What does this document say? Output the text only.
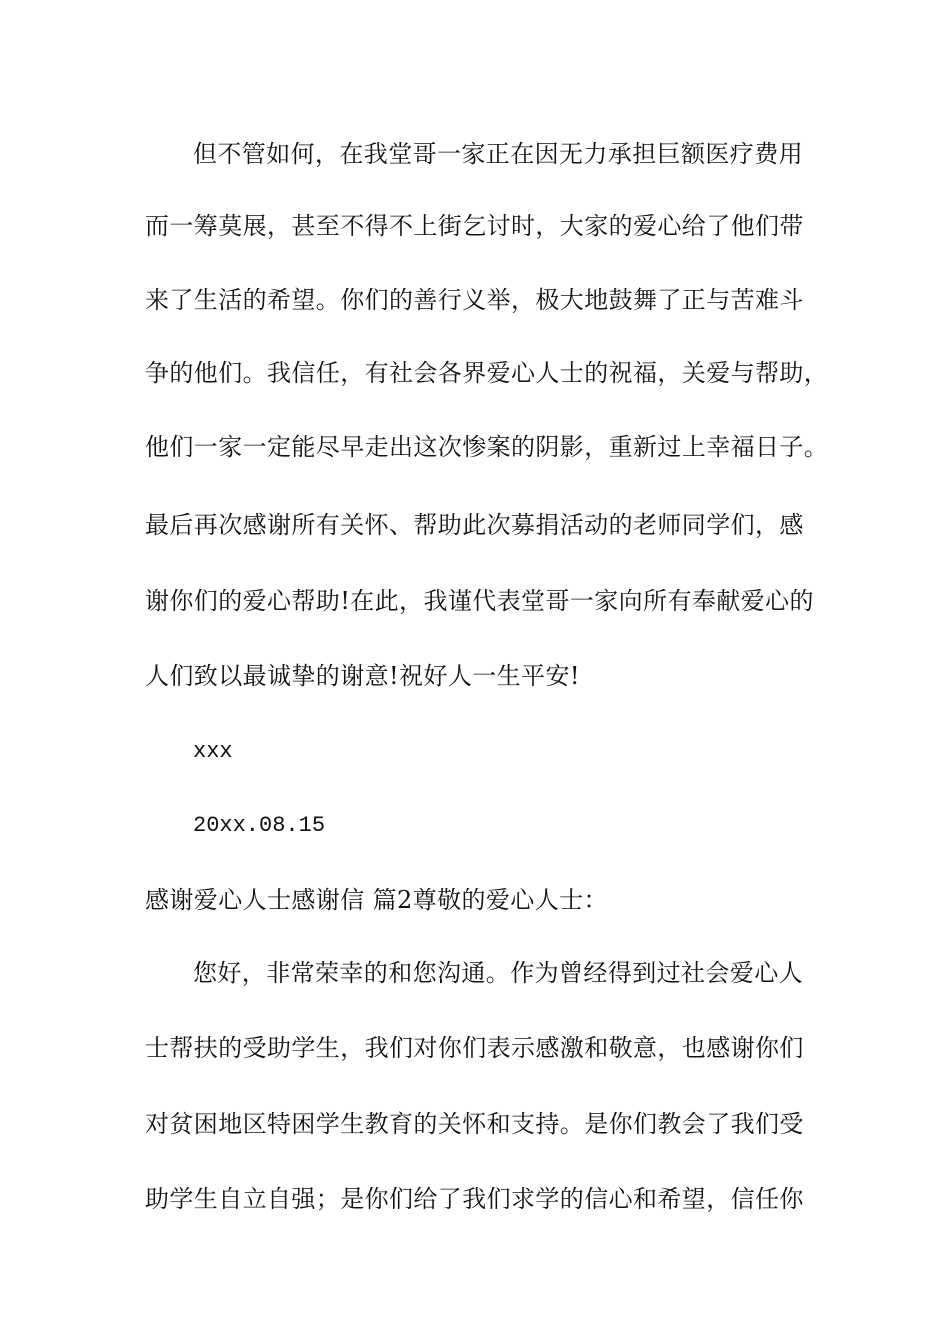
但不管如何，在我堂哥一家正在因无力承担巨额医疗费用
而一筹莫展，甚至不得不上街乞讨时，大家的爱心给了他们带
来了生活的希望。你们的善行义举，极大地鼓舞了正与苦难斗
争的他们。我信任，有社会各界爱心人士的祝福，关爱与帮助，
他们一家一定能尽早走出这次惨案的阴影，重新过上幸福日子。
最后再次感谢所有关怀、帮助此次募捐活动的老师同学们，感
谢你们的爱心帮助!在此，我谨代表堂哥一家向所有奉献爱心的
人们致以最诚挚的谢意!祝好人一生平安!
xxx
20xx.08.15
感谢爱心人士感谢信 篇2尊敬的爱心人士：
您好，非常荣幸的和您沟通。作为曾经得到过社会爱心人
士帮扶的受助学生，我们对你们表示感激和敬意，也感谢你们
对贫困地区特困学生教育的关怀和支持。是你们教会了我们受
助学生自立自强；是你们给了我们求学的信心和希望，信任你
